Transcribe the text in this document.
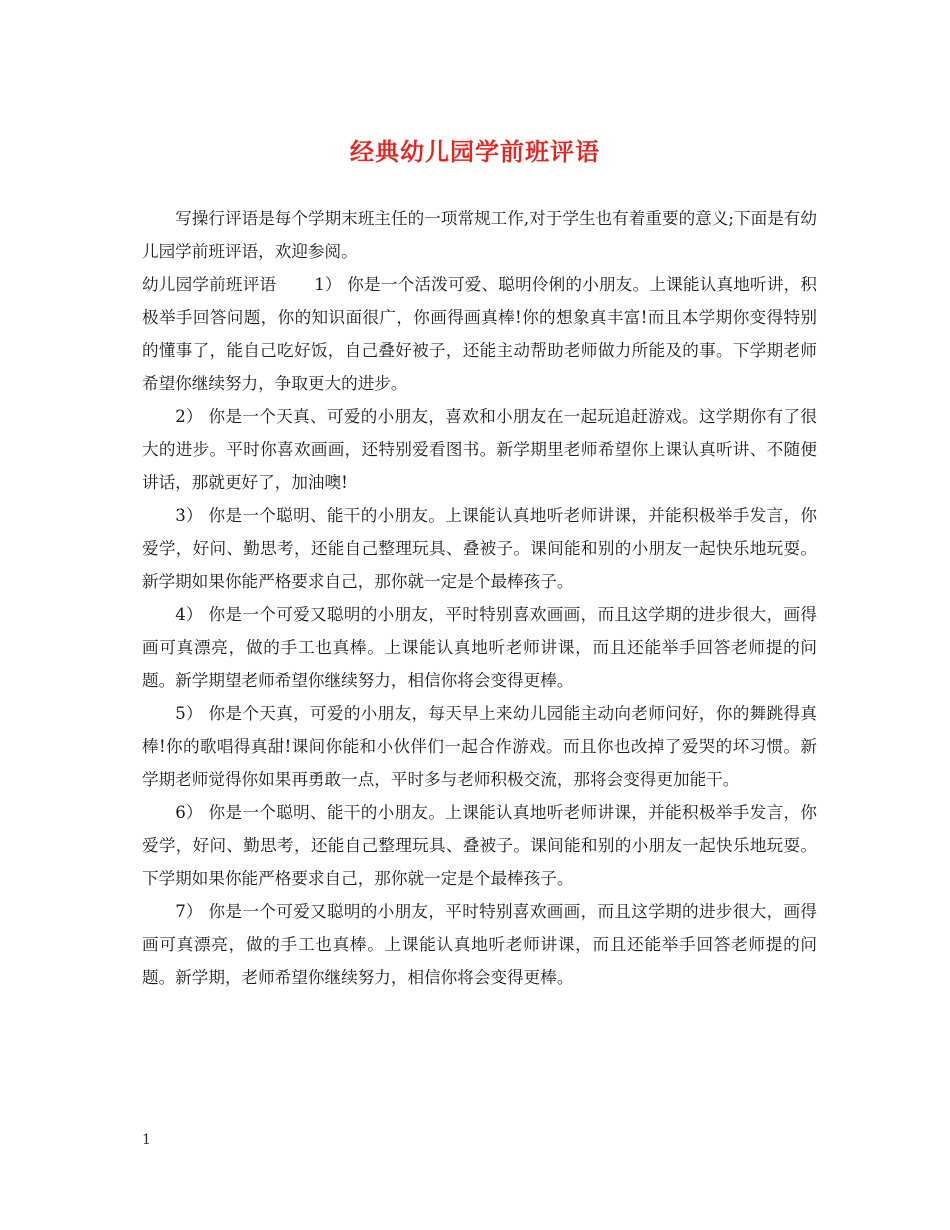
经典幼儿园学前班评语

写操行评语是每个学期末班主任的一项常规工作,对于学生也有着重要的意义;下面是有幼儿园学前班评语，欢迎参阅。

幼儿园学前班评语 1） 你是一个活泼可爱、聪明伶俐的小朋友。上课能认真地听讲，积极举手回答问题，你的知识面很广，你画得画真棒!你的想象真丰富!而且本学期你变得特别的懂事了，能自己吃好饭，自己叠好被子，还能主动帮助老师做力所能及的事。下学期老师希望你继续努力，争取更大的进步。

2） 你是一个天真、可爱的小朋友，喜欢和小朋友在一起玩追赶游戏。这学期你有了很大的进步。平时你喜欢画画，还特别爱看图书。新学期里老师希望你上课认真听讲、不随便讲话，那就更好了，加油噢!

3） 你是一个聪明、能干的小朋友。上课能认真地听老师讲课，并能积极举手发言，你爱学，好问、勤思考，还能自己整理玩具、叠被子。课间能和别的小朋友一起快乐地玩耍。新学期如果你能严格要求自己，那你就一定是个最棒孩子。

4） 你是一个可爱又聪明的小朋友，平时特别喜欢画画，而且这学期的进步很大，画得画可真漂亮，做的手工也真棒。上课能认真地听老师讲课，而且还能举手回答老师提的问题。新学期望老师希望你继续努力，相信你将会变得更棒。

5） 你是个天真，可爱的小朋友，每天早上来幼儿园能主动向老师问好，你的舞跳得真棒!你的歌唱得真甜!课间你能和小伙伴们一起合作游戏。而且你也改掉了爱哭的坏习惯。新学期老师觉得你如果再勇敢一点，平时多与老师积极交流，那将会变得更加能干。

6） 你是一个聪明、能干的小朋友。上课能认真地听老师讲课，并能积极举手发言，你爱学，好问、勤思考，还能自己整理玩具、叠被子。课间能和别的小朋友一起快乐地玩耍。下学期如果你能严格要求自己，那你就一定是个最棒孩子。

7） 你是一个可爱又聪明的小朋友，平时特别喜欢画画，而且这学期的进步很大，画得画可真漂亮，做的手工也真棒。上课能认真地听老师讲课，而且还能举手回答老师提的问题。新学期，老师希望你继续努力，相信你将会变得更棒。

1
